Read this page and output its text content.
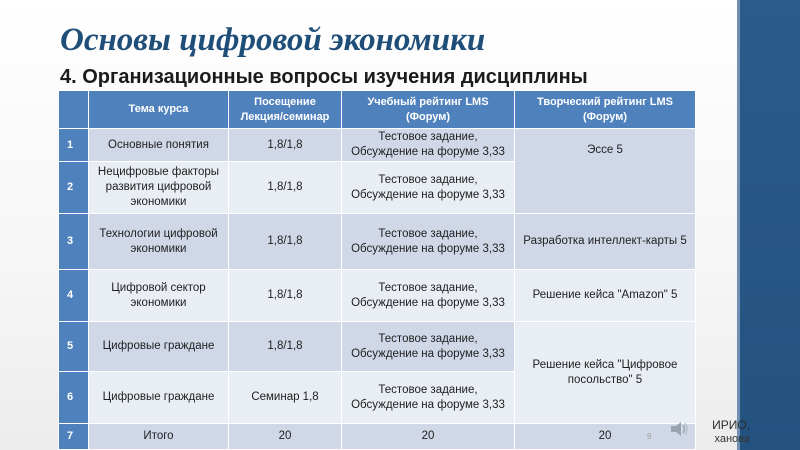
Основы цифровой экономики
4. Организационные вопросы изучения дисциплины
	Тема курса	Посещение Лекция/семинар	Учебный рейтинг LMS (Форум)	Творческий рейтинг LMS (Форум)
1	Основные понятия	1,8/1,8	Тестовое задание, Обсуждение на форуме 3,33	Эссе 5
2	Нецифровые факторы развития цифровой экономики	1,8/1,8	Тестовое задание, Обсуждение на форуме 3,33	
3	Технологии цифровой экономики	1,8/1,8	Тестовое задание, Обсуждение на форуме 3,33	Разработка интеллект-карты 5
4	Цифровой сектор экономики	1,8/1,8	Тестовое задание, Обсуждение на форуме 3,33	Решение кейса "Amazon" 5
5	Цифровые граждане	1,8/1,8	Тестовое задание, Обсуждение на форуме 3,33	Решение кейса "Цифровое посольство" 5
6	Цифровые граждане	Семинар 1,8	Тестовое задание, Обсуждение на форуме 3,33	
7	Итого	20	20	20	9
ИРИО,
ханова
